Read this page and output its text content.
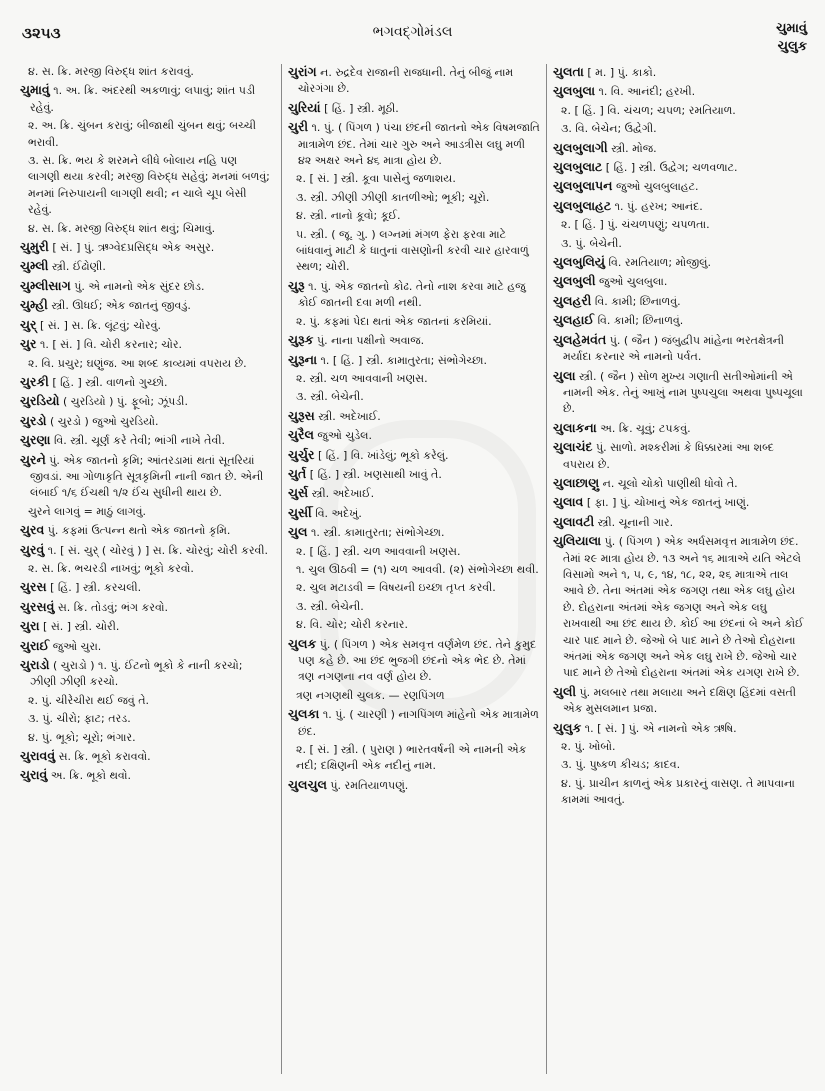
૩૨૫૩	ભગવદ્ગોમંડલ	ચુમાવું
ચુલુક
૪. સ. ક્રિ. મરજી વિરુદ્ધ શાંત કરાવવું.
ચુમાવું ૧. અ. ક્રિ. અંદરથી અકળાવું; લપાવું; શાંત પડી રહેવું.
૨. અ. ક્રિ. ચુંબન કરાવું; બીજાથી ચુંબન થવું; બચ્ચી ભરાવી.
૩. સ. ક્રિ. ભય કે શરમને લીધે બોલાય નહિ પણ લાગણી થયા કરવી; મરજી વિરુદ્ધ સહેવું; મનમાં બળવું; મનમાં નિરુપાયની લાગણી થવી; ન ચાલે ચૂપ બેસી રહેવું.
૪. સ. ક્રિ. મરજી વિરુદ્ધ શાંત થવું; ચિમાવું.
ચુમુરી [ સં. ] પું. ઋગ્વેદપ્રસિદ્ધ એક અસુર.
ચુમ્લી સ્ત્રી. ઈંઢોણી.
ચુમ્લીસાગ પું. એ નામનો એક સુંદર છોડ.
ચુમ્હી સ્ત્રી. ઊધઈ; એક જાતનું જીવડું.
ચુર્ [ સં. ] સ. ક્રિ. લૂંટવું; ચોરવું.
ચુર ૧. [ સં. ] વિ. ચોરી કરનાર; ચોર.
૨. વિ. પ્રચુર; ઘણુંજ. આ શબ્દ કાવ્યમાં વપરાય છે.
ચુરકી [ હિં. ] સ્ત્રી. વાળનો ગુચ્છો.
ચુરડિયો ( ચુરડિયો ) પું. ફૂબો; ઝૂંપડી.
ચુરડો ( ચુરડો ) જુઓ ચુરડિયો.
ચુરણા વિ. સ્ત્રી. ચૂર્ણ કરે તેવી; ભાંગી નાખે તેવી.
ચુરને પું. એક જાતનો કૃમિ; આંતરડામાં થતાં સૂતરિયાં જીવડાં. આ ગોળાકૃતિ સૂત્રકૃમિની નાની જાત છે. એની લંબાઈ ૧/૬ ઈંચથી ૧/૨ ઈંચ સુધીની થાય છે.
ચુરને લાગવું = માઠું લાગવું.
ચુરવ પું. કફમાં ઉત્પન્ન થતો એક જાતનો કૃમિ.
ચુરવું ૧. [ સં. ચુર્ ( ચોરવું ) ] સ. ક્રિ. ચોરવું; ચોરી કરવી.
૨. સ. ક્રિ. ભચરડી નાખવું; ભૂકો કરવો.
ચુરસ [ હિં. ] સ્ત્રી. કરચલી.
ચુરસવું સ. ક્રિ. તોડવું; ભંગ કરવો.
ચુરા [ સં. ] સ્ત્રી. ચોરી.
ચુરાઈ જુઓ ચુરા.
ચુરાડો ( ચુરાડો ) ૧. પું. ઈંટનો ભૂકો કે નાની કરચો; ઝીણી ઝીણી કરચો.
૨. પું. ચીરેચીરા થઈ જવું તે.
૩. પું. ચીરો; ફાટ; તરડ.
૪. પું. ભૂકો; ચૂરો; ભંગાર.
ચુરાવવું સ. ક્રિ. ભૂકો કરાવવો.
ચુરાવું અ. ક્રિ. ભૂકો થવો.
ચુરાંગ ન. રુદ્રદેવ રાજાની રાજધાની. તેનું બીજું નામ ચોરગંગા છે.
ચુરિયાં [ હિં. ] સ્ત્રી. મૂઠી.
ચુરી ૧. પું. ( પિંગળ ) પંચા છંદની જાતનો એક વિષમજાતિ માત્રામેળ છંદ. તેમાં ચાર ગુરુ અને આડત્રીસ લઘુ મળી ૪૨ અક્ષર અને ૪૬ માત્રા હોય છે.
૨. [ સં. ] સ્ત્રી. કૂવા પાસેનું જળાશય.
૩. સ્ત્રી. ઝીણી ઝીણી કાતળીઓ; ભૂકી; ચૂરો.
૪. સ્ત્રી. નાનો કૂવો; કૂઈ.
૫. સ્ત્રી. ( જૂ. ગુ. ) લગ્નમાં મંગળ ફેરા ફરવા માટે બાંધવાનું માટી કે ધાતુનાં વાસણોની કરવી ચાર હારવાળું સ્થળ; ચોરી.
ચુરૂ ૧. પું. એક જાતનો કોઢ. તેનો નાશ કરવા માટે હજુ કોઈ જાતની દવા મળી નથી.
૨. પું. કફમાં પેદા થતાં એક જાતનાં કરમિયાં.
ચુરૂક પું. નાના પક્ષીનો અવાજ.
ચુરૂના ૧. [ હિં. ] સ્ત્રી. કામાતુરતા; સંભોગેચ્છા.
૨. સ્ત્રી. ચળ આવવાની ખણસ.
૩. સ્ત્રી. બેચેની.
ચુરૂસ સ્ત્રી. અદેખાઈ.
ચુરૈલ જુઓ ચુડેલ.
ચુર્ચુર [ હિં. ] વિ. ખાંડેલું; ભૂકો કરેલું.
ચુર્ત [ હિં. ] સ્ત્રી. ખણસાથી ખાવું તે.
ચુર્સ સ્ત્રી. અદેખાઈ.
ચુર્સી વિ. અદેખું.
ચુલ ૧. સ્ત્રી. કામાતુરતા; સંભોગેચ્છા.
૨. [ હિં. ] સ્ત્રી. ચળ આવવાની ખણસ.
૧. ચુલ ઊઠવી = (૧) ચળ આવવી. (૨) સંભોગેચ્છા થવી.
૨. ચુલ મટાડવી = વિષયની ઇચ્છા તૃપ્ત કરવી.
૩. સ્ત્રી. બેચેની.
૪. વિ. ચોર; ચોરી કરનાર.
ચુલક પું. ( પિંગળ ) એક સમવૃત્ત વર્ણમેળ છંદ. તેને કુમુદ પણ કહે છે. આ છંદ ભુજગી છંદનો એક ભેદ છે. તેમાં ત્રણ નગણના નવ વર્ણ હોય છે.
ત્રણ નગણથી ચુલક. — રણપિંગળ
ચુલકા ૧. પું. ( ચારણી ) નાગપિંગળ માંહેનો એક માત્રામેળ છંદ.
૨. [ સં. ] સ્ત્રી. ( પુરાણ ) ભારતવર્ષની એ નામની એક નદી; દક્ષિણની એક નદીનું નામ.
ચુલચુલ પું. રમતિયાળપણું.
ચુલતા [ મ. ] પું. કાકો.
ચુલબુલા ૧. વિ. આનંદી; હરખી.
૨. [ હિં. ] વિ. ચંચળ; ચપળ; રમતિયાળ.
૩. વિ. બેચેન; ઉદ્વેગી.
ચુલબુલાગી સ્ત્રી. મોજ.
ચુલબુલાટ [ હિં. ] સ્ત્રી. ઉદ્વેગ; ચળવળાટ.
ચુલબુલાપન જુઓ ચુલબુલાહટ.
ચુલબુલાહટ ૧. પું. હરખ; આનંદ.
૨. [ હિં. ] પું. ચંચળપણું; ચપળતા.
૩. પું. બેચેની.
ચુલબુલિયું વિ. રમતિયાળ; મોજીલું.
ચુલબુલી જુઓ ચુલબુલા.
ચુલહરી વિ. કામી; છિનાળવું.
ચુલહાઈ વિ. કામી; છિનાળવું.
ચુલહેમવંત પું. ( જૈન ) જંબુદ્વીપ માંહેના ભરતક્ષેત્રની મર્યાદા કરનાર એ નામનો પર્વત.
ચુલા સ્ત્રી. ( જૈન ) સોળ મુખ્ય ગણાતી સતીઓમાંની એ નામની એક. તેનું આખું નામ પુષ્પચુલા અથવા પુષ્પચૂલા છે.
ચુલાકના અ. ક્રિ. ચૂવું; ટપકવું.
ચુલાચંદ પું. સાળો. મશ્કરીમાં કે ધિક્કારમાં આ શબ્દ વપરાય છે.
ચુલાછાણુ ન. ચૂલો ચોકો પાણીથી ધોવો તે.
ચુલાવ [ ફા. ] પું. ચોખાનું એક જાતનું ખાણું.
ચુલાવટી સ્ત્રી. ચૂનાની ગાર.
ચુલિયાલા પું. ( પિંગળ ) એક અર્ધસમવૃત્ત માત્રામેળ છંદ. તેમાં ૨૯ માત્રા હોય છે. ૧૩ અને ૧૬ માત્રાએ યતિ એટલે વિસામો અને ૧, ૫, ૯, ૧૪, ૧૮, ૨૨, ૨૬ માત્રાએ તાલ આવે છે. તેના અંતમાં એક જગણ તથા એક લઘુ હોય છે. દોહરાના અંતમાં એક જગણ અને એક લઘુ રાખવાથી આ છંદ થાય છે. કોઈ આ છંદનાં બે અને કોઈ ચાર પાદ માને છે. જેઓ બે પાદ માને છે તેઓ દોહરાના અંતમાં એક જગણ અને એક લઘુ રાખે છે. જેઓ ચાર પાદ માને છે તેઓ દોહરાના અંતમાં એક યગણ રાખે છે.
ચુલી પું. મલબાર તથા મલાયા અને દક્ષિણ હિંદમાં વસતી એક મુસલમાન પ્રજા.
ચુલુક ૧. [ સં. ] પું. એ નામનો એક ઋષિ.
૨. પું. ખોબો.
૩. પું. પુષ્કળ કીચડ; કાદવ.
૪. પું. પ્રાચીન કાળનું એક પ્રકારનું વાસણ. તે માપવાના કામમાં આવતું.
